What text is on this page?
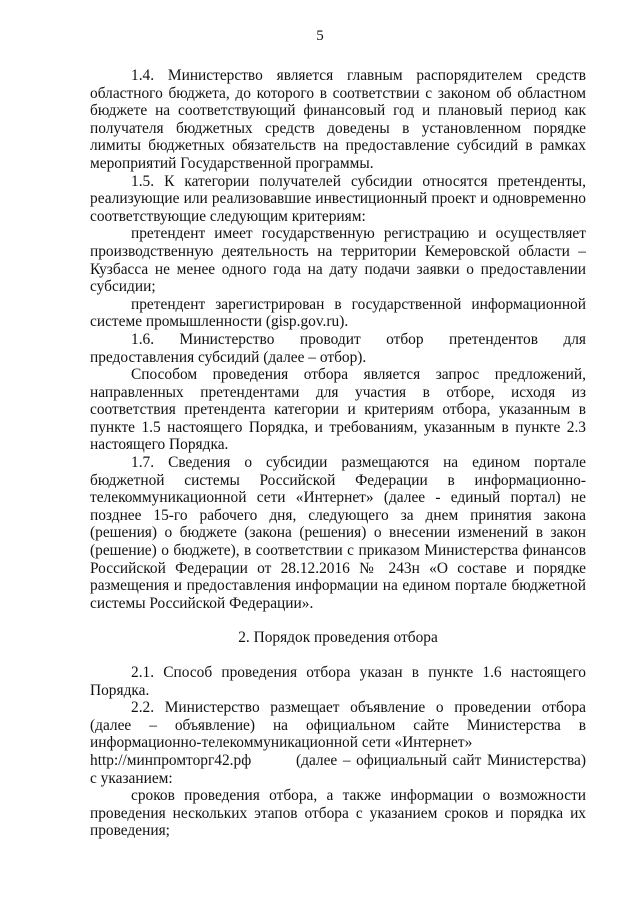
5

1.4. Министерство является главным распорядителем средств областного бюджета, до которого в соответствии с законом об областном бюджете на соответствующий финансовый год и плановый период как получателя бюджетных средств доведены в установленном порядке лимиты бюджетных обязательств на предоставление субсидий в рамках мероприятий Государственной программы.

1.5. К категории получателей субсидии относятся претенденты, реализующие или реализовавшие инвестиционный проект и одновременно соответствующие следующим критериям:

претендент имеет государственную регистрацию и осуществляет производственную деятельность на территории Кемеровской области – Кузбасса не менее одного года на дату подачи заявки о предоставлении субсидии;

претендент зарегистрирован в государственной информационной системе промышленности (gisp.gov.ru).

1.6. Министерство проводит отбор претендентов для предоставления субсидий (далее – отбор).

Способом проведения отбора является запрос предложений, направленных претендентами для участия в отборе, исходя из соответствия претендента категории и критериям отбора, указанным в пункте 1.5 настоящего Порядка, и требованиям, указанным в пункте 2.3 настоящего Порядка.

1.7. Сведения о субсидии размещаются на едином портале бюджетной системы Российской Федерации в информационно-телекоммуникационной сети «Интернет» (далее - единый портал) не позднее 15-го рабочего дня, следующего за днем принятия закона (решения) о бюджете (закона (решения) о внесении изменений в закон (решение) о бюджете), в соответствии с приказом Министерства финансов Российской Федерации от 28.12.2016 № 243н «О составе и порядке размещения и предоставления информации на едином портале бюджетной системы Российской Федерации».

2. Порядок проведения отбора

2.1. Способ проведения отбора указан в пункте 1.6 настоящего Порядка.

2.2. Министерство размещает объявление о проведении отбора (далее – объявление) на официальном сайте Министерства в информационно-телекоммуникационной сети «Интернет»

http://минпромторг42.рф	(далее – официальный сайт Министерства) с указанием:

сроков проведения отбора, а также информации о возможности проведения нескольких этапов отбора с указанием сроков и порядка их проведения;
